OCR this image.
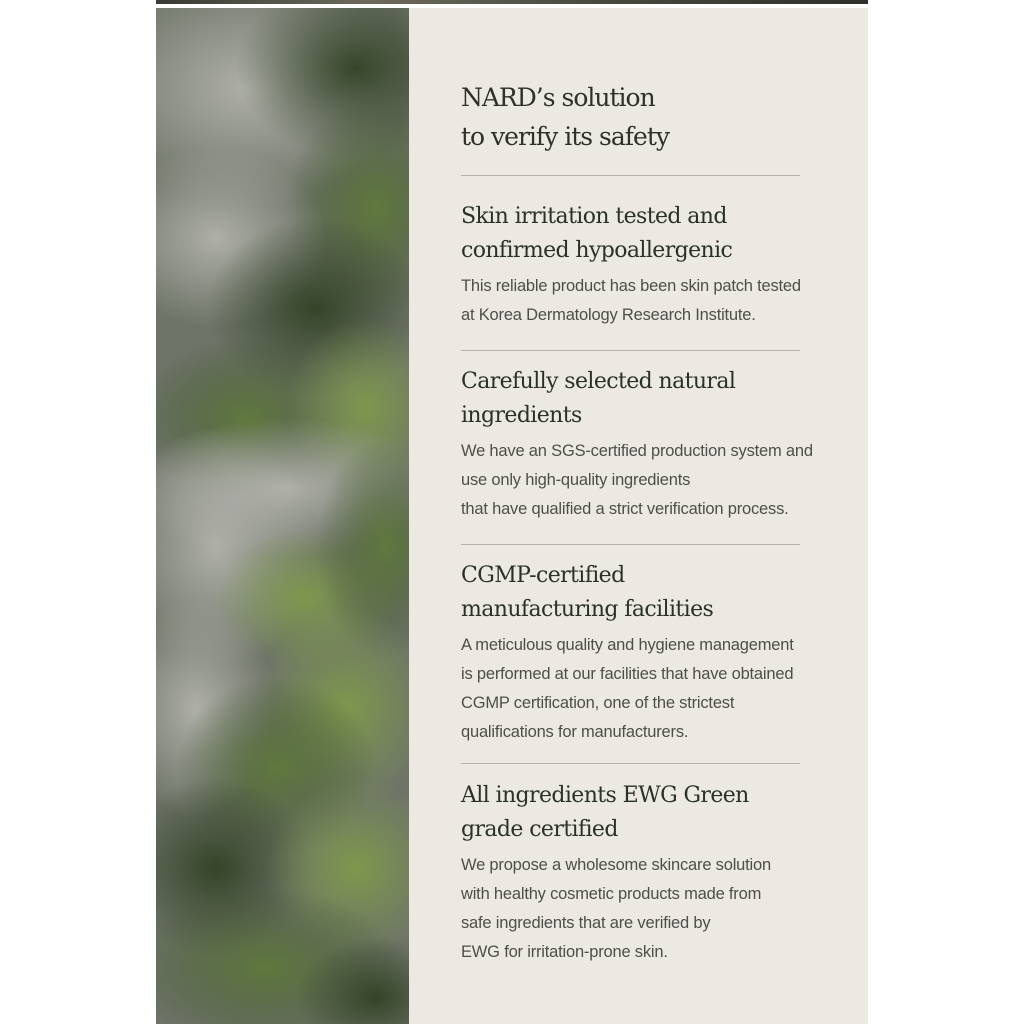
NARD’s solution
to verify its safety
Skin irritation tested and
confirmed hypoallergenic

This reliable product has been skin patch tested
at Korea Dermatology Research Institute.

Carefully selected natural
ingredients

We have an SGS-certified production system and
use only high-quality ingredients
that have qualified a strict verification process.

CGMP-certified
manufacturing facilities

A meticulous quality and hygiene management
is performed at our facilities that have obtained
CGMP certification, one of the strictest
qualifications for manufacturers.

All ingredients EWG Green
grade certified

We propose a wholesome skincare solution
with healthy cosmetic products made from
safe ingredients that are verified by
EWG for irritation-prone skin.
